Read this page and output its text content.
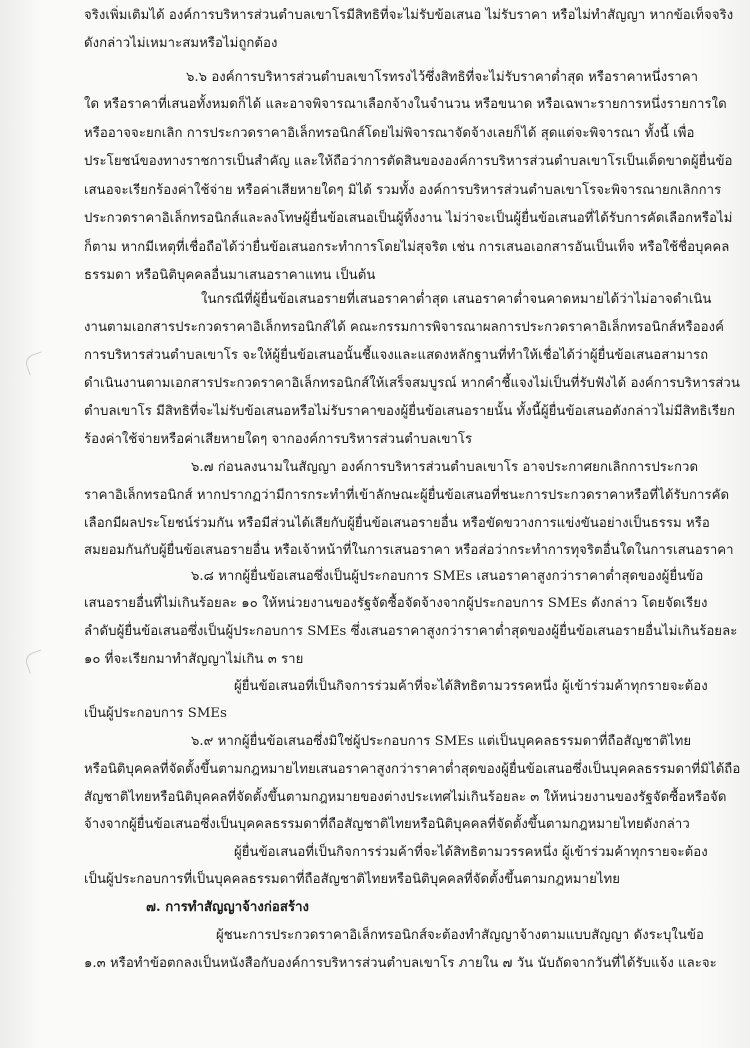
จริงเพิ่มเติมได้ องค์การบริหารส่วนตำบลเขาโรมีสิทธิที่จะไม่รับข้อเสนอ ไม่รับราคา หรือไม่ทำสัญญา หากข้อเท็จจริง
ดังกล่าวไม่เหมาะสมหรือไม่ถูกต้อง
๖.๖ องค์การบริหารส่วนตำบลเขาโรทรงไว้ซึ่งสิทธิที่จะไม่รับราคาต่ำสุด หรือราคาหนึ่งราคา
ใด หรือราคาที่เสนอทั้งหมดก็ได้ และอาจพิจารณาเลือกจ้างในจำนวน หรือขนาด หรือเฉพาะรายการหนึ่งรายการใด
หรืออาจจะยกเลิก การประกวดราคาอิเล็กทรอนิกส์โดยไม่พิจารณาจัดจ้างเลยก็ได้ สุดแต่จะพิจารณา ทั้งนี้ เพื่อ
ประโยชน์ของทางราชการเป็นสำคัญ และให้ถือว่าการตัดสินขององค์การบริหารส่วนตำบลเขาโรเป็นเด็ดขาดผู้ยื่นข้อ
เสนอจะเรียกร้องค่าใช้จ่าย หรือค่าเสียหายใดๆ มิได้ รวมทั้ง องค์การบริหารส่วนตำบลเขาโรจะพิจารณายกเลิกการ
ประกวดราคาอิเล็กทรอนิกส์และลงโทษผู้ยื่นข้อเสนอเป็นผู้ทิ้งงาน ไม่ว่าจะเป็นผู้ยื่นข้อเสนอที่ได้รับการคัดเลือกหรือไม่
ก็ตาม หากมีเหตุที่เชื่อถือได้ว่ายื่นข้อเสนอกระทำการโดยไม่สุจริต เช่น การเสนอเอกสารอันเป็นเท็จ หรือใช้ชื่อบุคคล
ธรรมดา หรือนิติบุคคลอื่นมาเสนอราคาแทน เป็นต้น
ในกรณีที่ผู้ยื่นข้อเสนอรายที่เสนอราคาต่ำสุด เสนอราคาต่ำจนคาดหมายได้ว่าไม่อาจดำเนิน
งานตามเอกสารประกวดราคาอิเล็กทรอนิกส์ได้ คณะกรรมการพิจารณาผลการประกวดราคาอิเล็กทรอนิกส์หรือองค์
การบริหารส่วนตำบลเขาโร จะให้ผู้ยื่นข้อเสนอนั้นชี้แจงและแสดงหลักฐานที่ทำให้เชื่อได้ว่าผู้ยื่นข้อเสนอสามารถ
ดำเนินงานตามเอกสารประกวดราคาอิเล็กทรอนิกส์ให้เสร็จสมบูรณ์ หากคำชี้แจงไม่เป็นที่รับฟังได้ องค์การบริหารส่วน
ตำบลเขาโร มีสิทธิที่จะไม่รับข้อเสนอหรือไม่รับราคาของผู้ยื่นข้อเสนอรายนั้น ทั้งนี้ผู้ยื่นข้อเสนอดังกล่าวไม่มีสิทธิเรียก
ร้องค่าใช้จ่ายหรือค่าเสียหายใดๆ จากองค์การบริหารส่วนตำบลเขาโร
๖.๗ ก่อนลงนามในสัญญา องค์การบริหารส่วนตำบลเขาโร อาจประกาศยกเลิกการประกวด
ราคาอิเล็กทรอนิกส์ หากปรากฏว่ามีการกระทำที่เข้าลักษณะผู้ยื่นข้อเสนอที่ชนะการประกวดราคาหรือที่ได้รับการคัด
เลือกมีผลประโยชน์ร่วมกัน หรือมีส่วนได้เสียกับผู้ยื่นข้อเสนอรายอื่น หรือขัดขวางการแข่งขันอย่างเป็นธรรม หรือ
สมยอมกันกับผู้ยื่นข้อเสนอรายอื่น หรือเจ้าหน้าที่ในการเสนอราคา หรือส่อว่ากระทำการทุจริตอื่นใดในการเสนอราคา
๖.๘ หากผู้ยื่นข้อเสนอซึ่งเป็นผู้ประกอบการ SMEs เสนอราคาสูงกว่าราคาต่ำสุดของผู้ยื่นข้อ
เสนอรายอื่นที่ไม่เกินร้อยละ ๑๐ ให้หน่วยงานของรัฐจัดซื้อจัดจ้างจากผู้ประกอบการ SMEs ดังกล่าว โดยจัดเรียง
ลำดับผู้ยื่นข้อเสนอซึ่งเป็นผู้ประกอบการ SMEs ซึ่งเสนอราคาสูงกว่าราคาต่ำสุดของผู้ยื่นข้อเสนอรายอื่นไม่เกินร้อยละ
๑๐ ที่จะเรียกมาทำสัญญาไม่เกิน ๓ ราย
ผู้ยื่นข้อเสนอที่เป็นกิจการร่วมค้าที่จะได้สิทธิตามวรรคหนึ่ง ผู้เข้าร่วมค้าทุกรายจะต้อง
เป็นผู้ประกอบการ SMEs
๖.๙ หากผู้ยื่นข้อเสนอซึ่งมิใช่ผู้ประกอบการ SMEs แต่เป็นบุคคลธรรมดาที่ถือสัญชาติไทย
หรือนิติบุคคลที่จัดตั้งขึ้นตามกฎหมายไทยเสนอราคาสูงกว่าราคาต่ำสุดของผู้ยื่นข้อเสนอซึ่งเป็นบุคคลธรรมดาที่มิได้ถือ
สัญชาติไทยหรือนิติบุคคลที่จัดตั้งขึ้นตามกฎหมายของต่างประเทศไม่เกินร้อยละ ๓ ให้หน่วยงานของรัฐจัดซื้อหรือจัด
จ้างจากผู้ยื่นข้อเสนอซึ่งเป็นบุคคลธรรมดาที่ถือสัญชาติไทยหรือนิติบุคคลที่จัดตั้งขึ้นตามกฎหมายไทยดังกล่าว
ผู้ยื่นข้อเสนอที่เป็นกิจการร่วมค้าที่จะได้สิทธิตามวรรคหนึ่ง ผู้เข้าร่วมค้าทุกรายจะต้อง
เป็นผู้ประกอบการที่เป็นบุคคลธรรมดาที่ถือสัญชาติไทยหรือนิติบุคคลที่จัดตั้งขึ้นตามกฎหมายไทย
๗. การทำสัญญาจ้างก่อสร้าง
ผู้ชนะการประกวดราคาอิเล็กทรอนิกส์จะต้องทำสัญญาจ้างตามแบบสัญญา ดังระบุในข้อ
๑.๓ หรือทำข้อตกลงเป็นหนังสือกับองค์การบริหารส่วนตำบลเขาโร ภายใน ๗ วัน นับถัดจากวันที่ได้รับแจ้ง และจะ
